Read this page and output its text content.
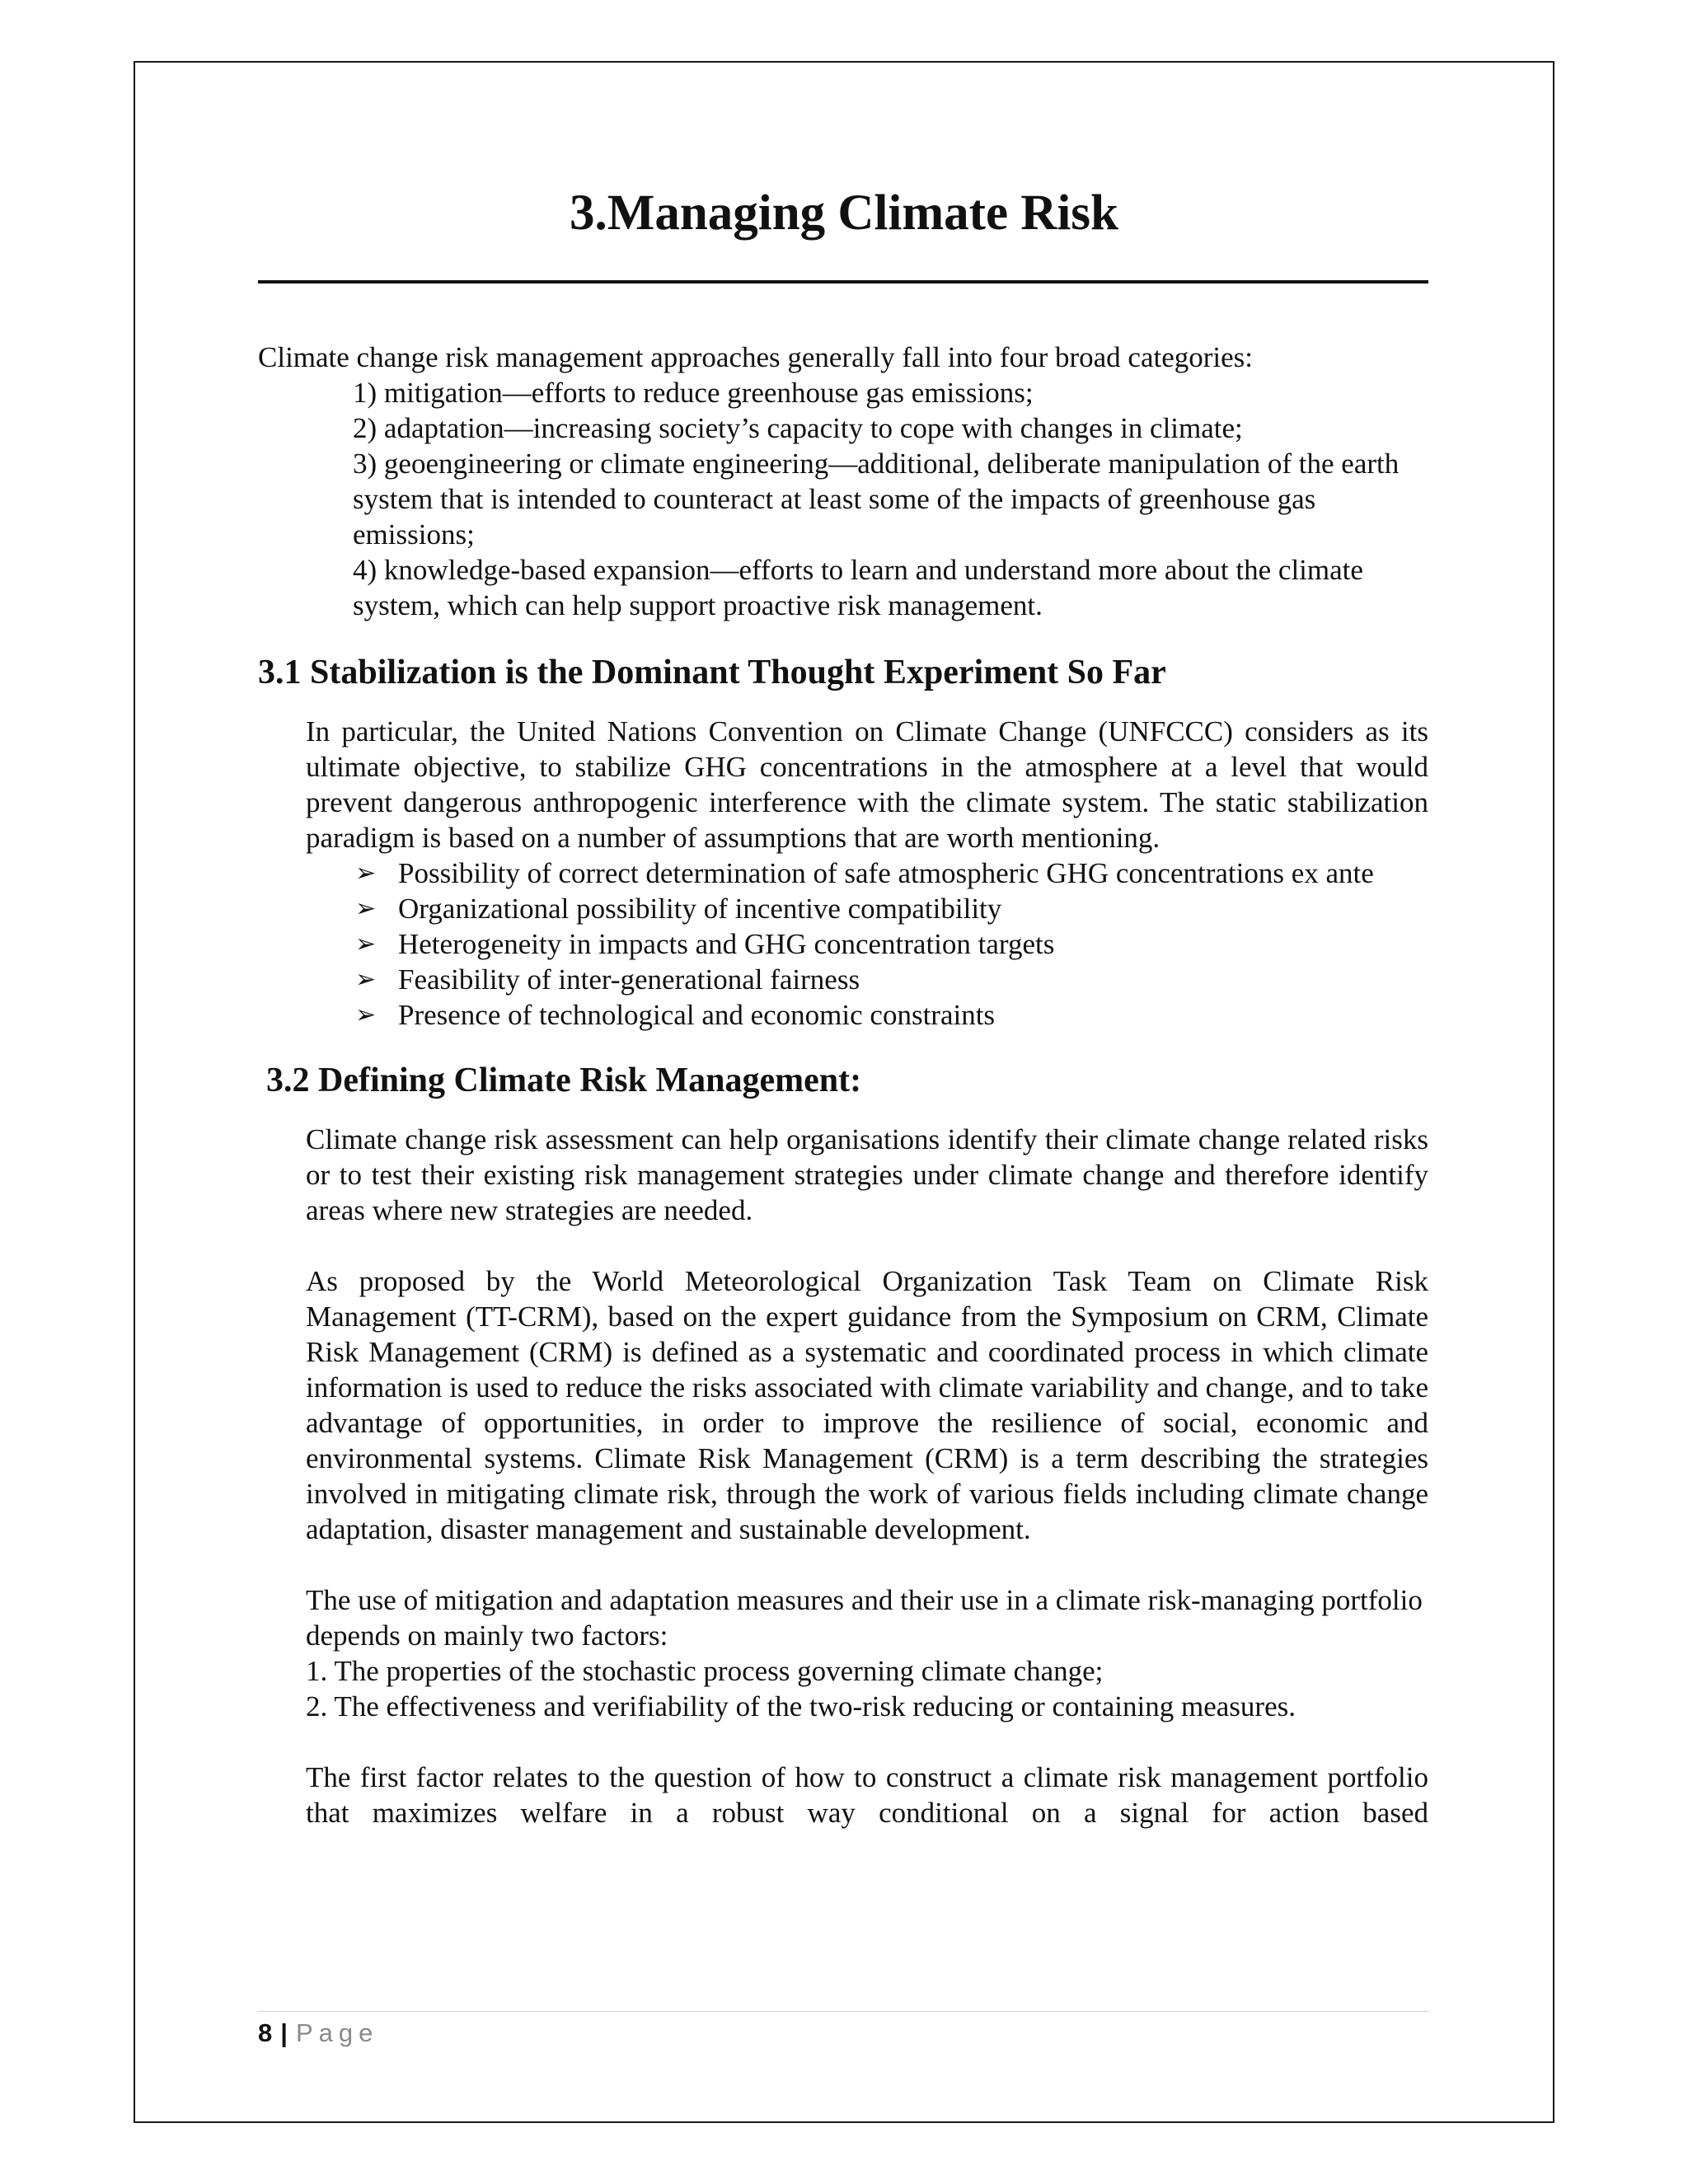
3.Managing Climate Risk

Climate change risk management approaches generally fall into four broad categories:

1) mitigation—efforts to reduce greenhouse gas emissions;

2) adaptation—increasing society’s capacity to cope with changes in climate;

3) geoengineering or climate engineering—additional, deliberate manipulation of the earth system that is intended to counteract at least some of the impacts of greenhouse gas emissions;

4) knowledge-based expansion—efforts to learn and understand more about the climate system, which can help support proactive risk management.

3.1 Stabilization is the Dominant Thought Experiment So Far

In particular, the United Nations Convention on Climate Change (UNFCCC) considers as its ultimate objective, to stabilize GHG concentrations in the atmosphere at a level that would prevent dangerous anthropogenic interference with the climate system. The static stabilization paradigm is based on a number of assumptions that are worth mentioning.

➢ Possibility of correct determination of safe atmospheric GHG concentrations ex ante
➢ Organizational possibility of incentive compatibility
➢ Heterogeneity in impacts and GHG concentration targets
➢ Feasibility of inter-generational fairness
➢ Presence of technological and economic constraints
3.2 Defining Climate Risk Management:

Climate change risk assessment can help organisations identify their climate change related risks or to test their existing risk management strategies under climate change and therefore identify areas where new strategies are needed.

As proposed by the World Meteorological Organization Task Team on Climate Risk Management (TT-CRM), based on the expert guidance from the Symposium on CRM, Climate Risk Management (CRM) is defined as a systematic and coordinated process in which climate information is used to reduce the risks associated with climate variability and change, and to take advantage of opportunities, in order to improve the resilience of social, economic and environmental systems. Climate Risk Management (CRM) is a term describing the strategies involved in mitigating climate risk, through the work of various fields including climate change adaptation, disaster management and sustainable development.

The use of mitigation and adaptation measures and their use in a climate risk-managing portfolio depends on mainly two factors:

1. The properties of the stochastic process governing climate change;

2. The effectiveness and verifiability of the two-risk reducing or containing measures.

The first factor relates to the question of how to construct a climate risk management portfolio that maximizes welfare in a robust way conditional on a signal for action based

8 | Page
